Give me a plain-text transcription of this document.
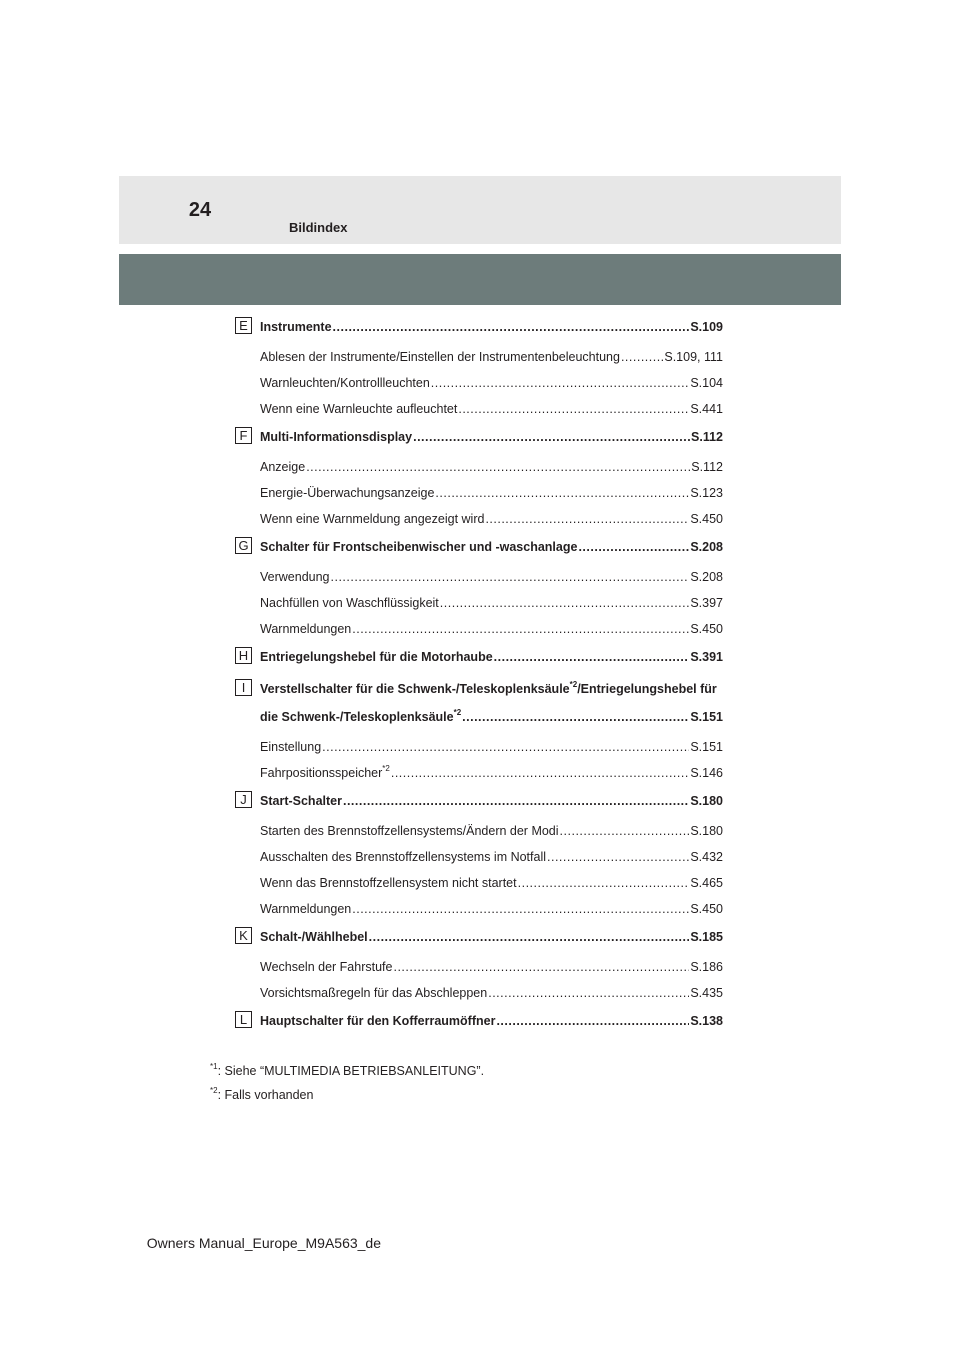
24
Bildindex
E Instrumente .....	S.109
Ablesen der Instrumente/Einstellen der Instrumentenbeleuchtung .....	S.109, 111
Warnleuchten/Kontrollleuchten .....	S.104
Wenn eine Warnleuchte aufleuchtet .....	S.441
F	Multi-Informationsdisplay .....	S.112
Anzeige .....	S.112
Energie-Überwachungsanzeige .....	S.123
Wenn eine Warnmeldung angezeigt wird .....	S.450
G Schalter für Frontscheibenwischer und -waschanlage .....	S.208
Verwendung .....	S.208
Nachfüllen von Waschflüssigkeit .....	S.397
Warnmeldungen .....	S.450
H Entriegelungshebel für die Motorhaube .....	S.391
I	Verstellschalter für die Schwenk-/Teleskoplenksäule$^{*2}$/Entriegelungshebel für
die Schwenk-/Teleskoplenksäule$^{*2}$ .....	S.151
Einstellung .....	S.151
Fahrpositionsspeicher$^{*2}$ .....	S.146
J	Start-Schalter .....	S.180
Starten des Brennstoffzellensystems/Ändern der Modi .....	S.180
Ausschalten des Brennstoffzellensystems im Notfall .....	S.432
Wenn das Brennstoffzellensystem nicht startet .....	S.465
Warnmeldungen .....	S.450
K Schalt-/Wählhebel .....	S.185
Wechseln der Fahrstufe .....	S.186
Vorsichtsmaßregeln für das Abschleppen .....	S.435
L	Hauptschalter für den Kofferraumöffner .....	S.138
$^{*1}$: Siehe “MULTIMEDIA BETRIEBSANLEITUNG”.
$^{*2}$: Falls vorhanden
Owners Manual_Europe_M9A563_de
